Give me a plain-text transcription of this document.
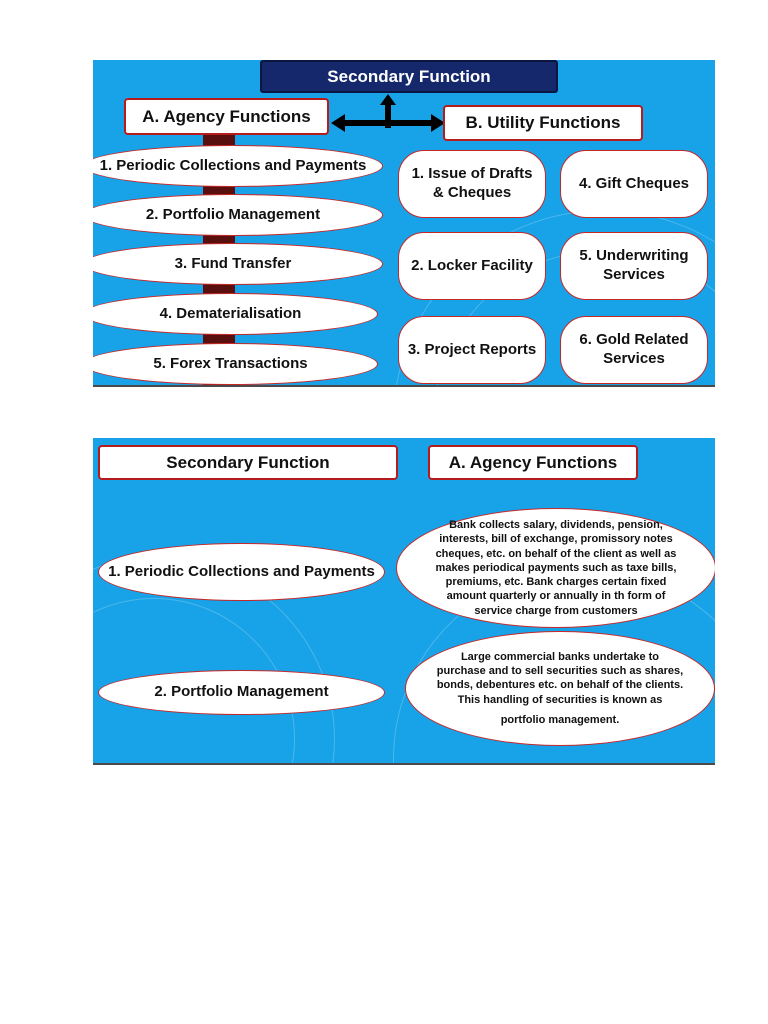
Secondary Function
A. Agency Functions	B. Utility Functions
1. Periodic Collections and Payments
2. Portfolio Management
3. Fund Transfer
4. Dematerialisation
5. Forex Transactions
1. Issue of Drafts & Cheques
4. Gift Cheques
2. Locker Facility
5. Underwriting Services
3. Project Reports
6. Gold Related Services
Secondary Function	A. Agency Functions
1. Periodic Collections and Payments
2. Portfolio Management
Bank collects salary, dividends, pension,
interests, bill of exchange, promissory notes
cheques, etc. on behalf of the client as well as
makes periodical payments such as taxe bills,
premiums, etc. Bank charges certain fixed
amount quarterly or annually in th form of
service charge from customers
Large commercial banks undertake to
purchase and to sell securities such as shares,
bonds, debentures etc. on behalf of the clients.
This handling of securities is known as
portfolio management.
